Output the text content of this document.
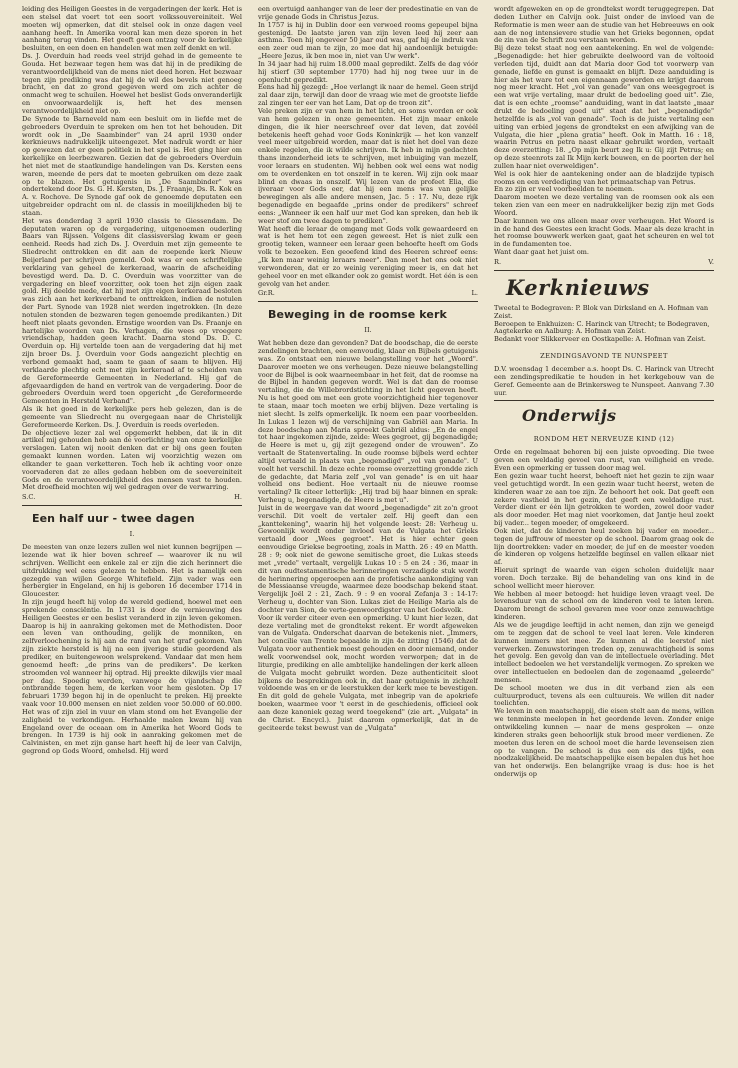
leiding des Heiligen Geestes in de vergaderingen der kerk. Het is een stelsel dat voert tot een soort volkssouvereiniteit. Wel moeten wij opmerken, dat dit stelsel ook in onze dagen veel aanhang heeft. In Amerika vooral kan men deze sporen in het aanhang terug vinden. Het geeft geen ontzag voor de kerkelijke besluiten, en een doen en handelen wat men zelf denkt en wil.

Ds. J. Overduin had reeds veel strijd gehad in de gemeente te Gouda. Het bezwaar tegen hem was dat hij in de prediking de verantwoordelijkheid van de mens niet deed horen. Het bezwaar tegen zijn prediking was dat hij de wil des bevels niet genoeg bracht, en dat zo grond gegeven werd om zich achter de onmacht weg te schuilen. Hoewel het beslist Gods onveranderlijk en onvoorwaardelijk is, heft het des mensen verantwoordelijkheid niet op.

De Synode te Barneveld nam een besluit om in liefde met de gebroeders Overduin te spreken om hen tot het behouden. Dit wordt ook in „De Saambinder" van 24 april 1930 onder kerknieuws nadrukkelijk uiteengezet. Met nadruk wordt er hier op gewezen dat er geen politiek in het spel is. Het ging hier om kerkelijke en leerbezwaren. Gezien dat de gebroeders Overduin het niet met de staatkundige handelingen van Ds. Kersten eens waren, meende de pers dat te moeten gebruiken om deze zaak op te blazen. Het getuigenis in „De Saambinder" was ondertekend door Ds. G. H. Kersten, Ds. J. Fraanje, Ds. R. Kok en A. v. Rochove. De Synode gaf ook de genoemde deputaten een uitgebreider opdracht om nl. de classis in moeilijkheden bij te staan.

Het was donderdag 3 april 1930 classis te Giessendam. De deputaten waren op de vergadering, uitgenoemen ouderling Baars van Rijssen. Volgens dit classisverslag kwam er geen eenheid. Reeds had zich Ds. J. Overduin met zijn gemeente te Sliedrecht onttrokken en dit aan de roepende kerk Nieuw Beijerland per schrijven gemeld. Ook was er een schriftelijke verklaring van geheel de kerkeraad, waarin de afscheiding bevestigd werd. Da. D. C. Overduin was voorzitter van de vergadering en bleef voorzitter, ook toen het zijn eigen zaak gold. Hij deelde mede, dat hij met zijn eigen kerkeraad besloten was zich aan het kerkverband te onttrekken, indien de notulen der Part. Synode van 1928 niet werden ingetrokken. (In deze notulen stonden de bezwaren tegen genoemde predikanten.) Dit heeft niet plaats gevonden. Ernstige woorden van Ds. Fraanje en hartelijke woorden van Ds. Verhagen, die wees op vroegere vriendschap, hadden geen kracht. Daarna stond Ds. D. C. Overduin op. Hij vertelde toen aan de vergadering dat hij met zijn broer Ds. J. Overduin voor Gods aangezicht plechtig en verbond gemaakt had, saam te gaan of saam te blijven. Hij verklaarde plechtig echt met zijn kerkeraad af te scheiden van de Gereformeerde Gemeenten in Nederland. Hij gaf de afgevaardigden de hand en vertrok van de vergadering. Door de gebroeders Overduin werd toen opgericht „de Gereformeerde Gemeenten in Hersteld Verband".

Als ik het goed in de kerkelijke pers heb gelezen, dan is de gemeente van Sliedrecht nu overgegaan naar de Christelijk Gereformeerde Kerken. Ds. J. Overduin is reeds overleden.

De objectieve lezer zal wel opgemerkt hebben, dat ik in dit artikel mij gehouden heb aan de voorlichting van onze kerkelijke verslagen. Laten wij nooit denken dat er bij ons geen fouten gemaakt kunnen worden. Laten wij voorzichtig wezen om elkander te gaan verketteren. Toch heb ik achting voor onze voorvaderen dat ze alles gedaan hebben om de soevereiniteit Gods en de verantwoordelijkheid des mensen vast te houden. Met droefheid mochten wij wel gedragen over de verwarring.

S.C.	H.
Een half uur - twee dagen
I.

De meesten van onze lezers zullen wel niet kunnen begrijpen — lezende wat ik hier boven schreef — waarover ik nu wil schrijven. Wellicht een enkele zal er zijn die zich herinnert die uitdrukking wel eens gelezen te hebben. Het is namelijk een gezegde van wijlen George Whitefield. Zijn vader was een herbergier in Engeland, en hij is geboren 16 december 1714 in Gloucester.

In zijn jeugd heeft hij volop de wereld gediend, hoewel met een sprekende consciëntie. In 1731 is door de vernieuwing des Heiligen Geestes er een beslist veranderd in zijn leven gekomen. Daarop is hij in aanraking gekomen met de Methodisten. Door een leven van onthouding, gelijk de monniken, en zelfverloochening is hij aan de rand van het graf gekomen. Van zijn ziekte hersteld is hij na een ijverige studie geordend als prediker, en buitengewoon welsprekend. Vandaar dat men hem genoemd heeft: „de prins van de predikers". De kerken stroomden vol wanneer hij optrad. Hij preekte dikwijls vier maal per dag. Spoedig werden, vanwege de vijandschap die ontbrandde tegen hem, de kerken voor hem gesloten. Op 17 februari 1739 begon hij in de openlucht te preken. Hij preekte vaak voor 10.000 mensen en niet zelden voor 50.000 of 60.000. Het was of zijn ziel in vuur en vlam stond om het Evangelie der zaligheid te verkondigen. Herhaalde malen kwam hij van Engeland over de oceaan om in Amerika het Woord Gods te brengen. In 1739 is hij ook in aanraking gekomen met de Calvinisten, en met zijn ganse hart heeft hij de leer van Calvijn, gegrond op Gods Woord, omhelsd. Hij werd

een overtuigd aanhanger van de leer der predestinatie en van de vrije genade Gods in Christus Jezus.

In 1757 is hij in Dublin door een verwoed rooms gepeupel bijna gestenigd. De laatste jaren van zijn leven leed hij zeer aan asthma. Toen hij ongeveer 50 jaar oud was, gaf hij de indruk van een zeer oud man te zijn, zo moe dat hij aandoenlijk betuigde: „Heere Jezus, ik ben moe in, niet van Uw werk".

In 34 jaar had hij ruim 18.000 maal gepredikt. Zelfs de dag vóór hij stierf (30 september 1770) had hij nog twee uur in de openlucht gepredikt.

Eens had hij gezegd: „Hoe verlangt ik naar de hemel. Geen strijd zal daar zijn, terwijl dan door de vraag wie met de grootste liefde zal zingen ter eer van het Lam, Dat op de troon zit".

Vele preken zijn er van hem in het licht, en soms worden er ook van hem gelezen in onze gemeenten. Het zijn maar enkele dingen, die ik hier neerschreef over dat leven, dat zovéél betekenis heeft gehad voor Gods Koninkrijk — het kon vanzelf veel meer uitgebreid worden, maar dat is niet het doel van deze enkele regelen, die ik wilde schrijven. Ik heb in mijn gedachten thans inzonderheid iets te schrijven, met inbuiging van mezelf, voor leraars en studenten. Wij hebben ook wel eens wat nodig om te overdenken en tot onszelf in te keren. Wij zijn ook maar blind en dwaas in onszelf. Wij lezen van de profeet Elia, die ijveraar voor Gods eer, dat hij een mens was van gelijke bewegingen als alle andere mensen, Jac. 5 : 17. Nu, deze rijk begenadigde en begaafde „prins onder de predikers" schreef eens: „Wanneer ik een half uur met God kan spreken, dan heb ik weer stof om twee dagen te prediken".

Wat heeft die leraar de omgang met Gods volk gewaardeerd en wat is het hem tot een zegen geweest. Het is niet zulk een grootig teken, wanneer een leraar geen behoefte heeft om Gods volk te bezoeken. Een geoefend kind des Heeren schreef eens: „Ik ken maar weinig leraars meer". Dan moet het ons ook niet verwonderen, dat er zo weinig vereniging meer is, en dat het geheel voor en met elkander ook zo gemist wordt. Het één is een gevolg van het ander.

Gr.R.	L.
Beweging in de roomse kerk
II.

Wat hebben deze dan gevonden? Dat de boodschap, die de eerste zendelingen brachten, een eenvoudig, klaar en Bijbels getuigenis was. Zo ontstaat een nieuwe belangstelling voor het „Woord". Daarover moeten we ons verheugen. Deze nieuwe belangstelling voor de Bijbel is ook waarneembaar in het feit, dat de roomse na de Bijbel in handen gegeven wordt. Wel is dat dan de roomse vertaling, die de Willebrordstichting in het licht gegeven heeft. Nu is het goed om met een grote voorzichtigheid hier tegenover te staan, maar toch moeten we erbij blijven. Deze vertaling is niet slecht. Is zelfs opmerkelijk. Ik noem een paar voorbeelden. In Lukas 1 lezen wij de verschijning van Gabriël aan Maria. In deze boodschap aan Maria spreekt Gabriël aldus: „En de engel tot haar ingekomen zijnde, zeide: Wees gegroet, gij begenadigde; de Heere is met u, gij zijt gezegend onder de vrouwen". Zo vertaalt de Statenvertaling. In oude roomse bijbels werd echter altijd vertaald in plaats van „begenadigd" „vol van genade". U voelt het verschil. In deze echte roomse overzetting grondde zich de gedachte, dat Maria zelf „vol van genade" is en uit haar volheid ons bedient. Hoe vertaalt nu de nieuwe roomse vertaling? Ik citeer letterlijk: „Hij trad bij haar binnen en sprak: Verheug u, begenadigde, de Heere is met u".

Juist in de weergave van dat woord „begenadigde" zit zo'n groot verschil. Dit voelt de vertaler zelf. Hij geeft dan een „kanttekening", waarin hij het volgende leest: 28: Verheug u. Gewoonlijk wordt onder invloed van de Vulgata het Grieks vertaald door „Wees gegroet". Het is hier echter geen eenvoudige Griekse begroeting, zoals in Matth. 26 : 49 en Matth. 28 : 9; ook niet de gewone semitische groet, die Lukas steeds met „vrede" vertaalt, vergelijk Lukas 10 : 5 en 24 : 36, maar in dit van oudtestamentische herinneringen verzadigde stuk wordt de herinnering opgeroepen aan de profetische aankondiging van de Messiaanse vreugde, waarmee deze boodschap bekend staat. Vergelijk Joël 2 : 21, Zach. 9 : 9 en vooral Zefanja 3 : 14-17: Verheug u, dochter van Sion. Lukas ziet de Heilige Maria als de dochter van Sion, de verte-genwoordigster van het Godsvolk.

Voor ik verder citeer even een opmerking. U kunt hier lezen, dat deze vertaling met de grondtekst rekent. Er wordt afgeweken van de Vulgata. Onderschat daarvan de betekenis niet. „Immers, het concilie van Trente bepaalde in zijn 4e zitting (1546) dat de Vulgata voor authentiek moest gehouden en door niemand, onder welk voorwendsel ook, mocht worden verworpen; dat in de liturgie, prediking en alle ambtelijke handelingen der kerk alleen de Vulgata mocht gebruikt worden. Deze authenticiteit sloot bijkens de besprekingen ook in, dat haar getuigenis in zichzelf voldoende was en er de leerstukken der kerk mee te bevestigen. En dit gold de gehele Vulgata, met inbegrip van de apokriefe boeken, waarmee voor 't eerst in de geschiedenis, officieel ook aan deze kanoniek gezag werd toegekend" (zie art. „Vulgata" in de Christ. Encycl.). Juist daarom opmerkelijk, dat in de geciteerde tekst bewust van de „Vulgata"

wordt afgeweken en op de grondtekst wordt teruggegrepen. Dat deden Luther en Calvijn ook. Juist onder de invloed van de Reformatie is men weer aan de studie van het Hebreeuws en ook aan de nog intensievere studie van het Grieks begonnen, opdat de zin van de Schrift zou verstaan worden.

Bij deze tekst staat nog een aantekening. En wel de volgende: „Begenadigde: het hier gebruikte deelwoord van de voltooid verleden tijd, duidt aan dat Maria door God tot voorwerp van genade, liefde en gunst is gemaakt en blijft. Deze aanduiding is hier als het ware tot een eigennaam geworden en krijgt daarom nog meer kracht. Het „vol van genade" van ons weesgegroet is een wat vrije vertaling, maar drukt de bedoeling goed uit". Zie, dat is een echte „roomse" aanduiding, want in dat laatste „maar drukt de bedoeling goed uit" staat dat het „begenadigde" hetzelfde is als „vol van genade". Toch is de juiste vertaling een uiting van erbied jegens de grondtekst en een afwijking van de Vulgata, die hier „plena gratia" heeft. Ook in Matth. 16 : 18, waarin Petrus en petra naast elkaar gebruikt worden, vertaalt deze overzetting: 18. „Op mijn beurt zeg Ik u: Gij zijt Petrus; en op deze steenrots zal Ik Mijn kerk bouwen, en de poorten der hel zullen haar niet overweldigen".

Wel is ook hier de aantekening onder aan de bladzijde typisch rooms en een verdediging van het primaatschap van Petrus.

En zo zijn er veel voorbeelden te noemen.

Daarom moeten we deze vertaling van de roomsen ook als een teken zien van een meer en nadrukkelijker bezig zijn met Gods Woord.

Daar kunnen we ons alleen maar over verheugen. Het Woord is in de hand des Geestes een kracht Gods. Maar als deze kracht in het roomse bouwwerk werken gaat, gaat het scheuren en wel tot in de fundamenten toe.

Want daar gaat het juist om.

R.	V.
Kerknieuws

Tweetal te Bodegraven: P. Blok van Dirksland en A. Hofman van Zeist.

Beroepen te Enkhuizen: C. Harinck van Utrecht; te Bodegraven, Aagtekerke en Aalburg: A. Hofman van Zeist.

Bedankt voor Slikkerveer en Oostkapelle: A. Hofman van Zeist.

ZENDINGSAVOND TE NUNSPEET

D.V. woensdag 1 december a.s. hoopt Ds. C. Harinck van Utrecht een zendingspredikatie te houden in het kerkgebouw van de Geref. Gemeente aan de Brinkersweg te Nunspeet. Aanvang 7.30 uur.

Onderwijs
RONDOM HET NERVEUZE KIND (12)

Orde en regelmaat behoren bij een juiste opvoeding. Die twee geven een weldadig gevoel van rust, van veiligheid en vrede. Even een opmerking er tussen door mag wel.

Een gezin waar tucht heerst, behoeft niet het gezin te zijn waar veel getuchtigd wordt. In een gezin waar tucht heerst, weten de kinderen waar ze aan toe zijn. Ze behoort het ook. Dat geeft een zekere vastheid in het gezin, dat geeft een weldadige rust. Verder dient er één lijn getrokken te worden, zowel door vader als door moeder. Het mag niet voorkomen, dat Jantje heul zoekt bij vader... tegen moeder, of omgekeerd.

Ook niet, dat de kinderen heul zoeken bij vader en moeder... tegen de juffrouw of meester op de school. Daarom graag ook de lijn doortrekken: vader en moeder, de juf en de meester voeden de kinderen op volgens hetzelfde beginsel en vallen elkaar niet af.

Hieruit springt de waarde van eigen scholen duidelijk naar voren. Doch terzake. Bij de behandeling van ons kind in de school wellicht meer hierover.

We hebben al meer betoogd: het huidige leven vraagt veel. De levensduur van de school om de kinderen veel te laten leren. Daarom brengt de school gevaren mee voor onze zenuwachtige kinderen.

Als we de jeugdige leeftijd in acht nemen, dan zijn we geneigd om te zeggen dat de school te veel laat leren. Vele kinderen kunnen immers niet mee. Ze kunnen al die leerstof niet verwerken. Zenuwstoringen treden op, zenuwachtigheid is soms het gevolg. Een gevolg dan van de intellectuele overlading. Met intellect bedoelen we het verstandelijk vermogen. Zo spreken we over intellectuelen en bedoelen dan de zogenaamd „geleerde" mensen.

De school moeten we dus in dit verband zien als een cultuurproduct, tevens als een cultuureis. We willen dit nader toelichten.

We leven in een maatschappij, die eisen stelt aan de mens, willen we tenminste meelopen in het geordende leven. Zonder enige ontwikkeling kunnen — naar de mens gesproken — onze kinderen straks geen behoorlijk stuk brood meer verdienen. Ze moeten dus leren en de school moet die harde levenseisen zien op te vangen. De school is dus een eis des tijds, een noodzakelijkheid. De maatschappelijke eisen bepalen dus het hoe van het onderwijs. Een belangrijke vraag is dus: hoe is het onderwijs op
